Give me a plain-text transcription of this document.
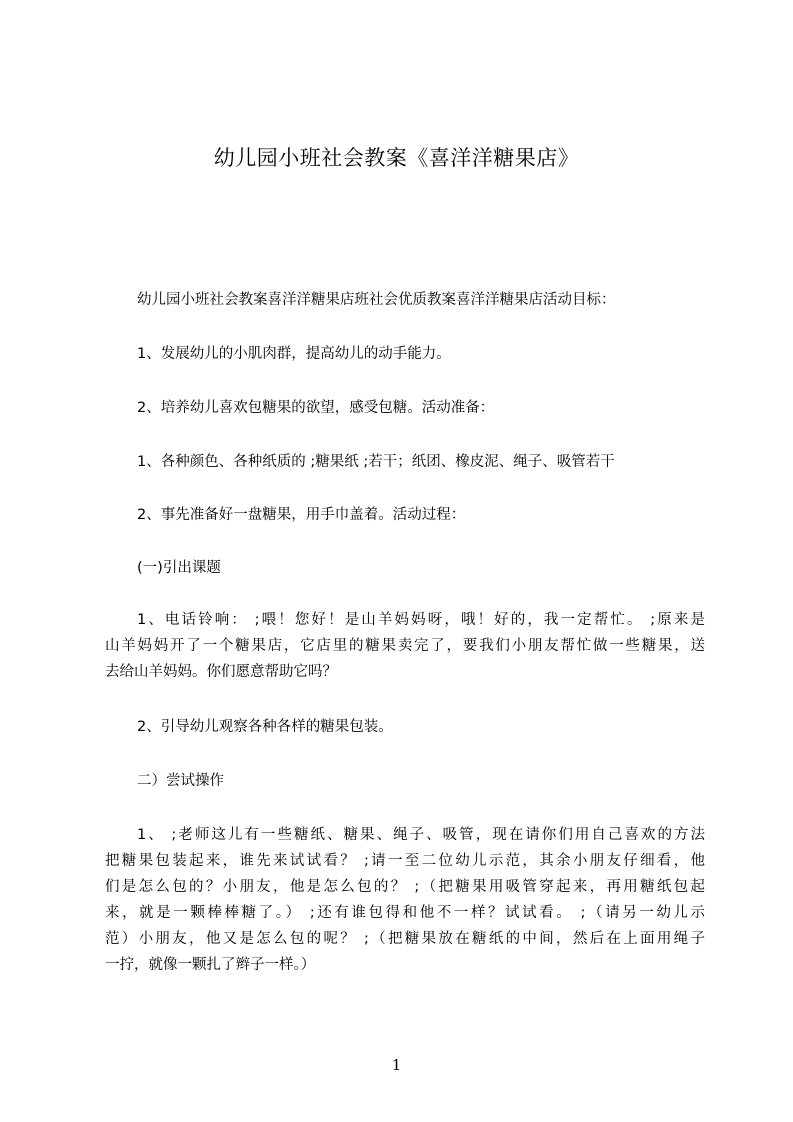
幼儿园小班社会教案《喜洋洋糖果店》
幼儿园小班社会教案喜洋洋糖果店班社会优质教案喜洋洋糖果店活动目标：
1、发展幼儿的小肌肉群，提高幼儿的动手能力。
2、培养幼儿喜欢包糖果的欲望，感受包糖。活动准备：
1、各种颜色、各种纸质的 ;糖果纸 ;若干；纸团、橡皮泥、绳子、吸管若干
2、事先准备好一盘糖果，用手巾盖着。活动过程：
(一)引出课题
1、电话铃响： ;喂！您好！是山羊妈妈呀，哦！好的，我一定帮忙。 ;原来是
山羊妈妈开了一个糖果店，它店里的糖果卖完了，要我们小朋友帮忙做一些糖果，送
去给山羊妈妈。你们愿意帮助它吗？
2、引导幼儿观察各种各样的糖果包装。
二）尝试操作
1、 ;老师这儿有一些糖纸、糖果、绳子、吸管，现在请你们用自己喜欢的方法
把糖果包装起来，谁先来试试看？ ;请一至二位幼儿示范，其余小朋友仔细看，他
们是怎么包的？小朋友，他是怎么包的？ ;（把糖果用吸管穿起来，再用糖纸包起
来，就是一颗棒棒糖了。） ;还有谁包得和他不一样？试试看。 ;（请另一幼儿示
范）小朋友，他又是怎么包的呢？ ;（把糖果放在糖纸的中间，然后在上面用绳子
一拧，就像一颗扎了辫子一样。）
1
